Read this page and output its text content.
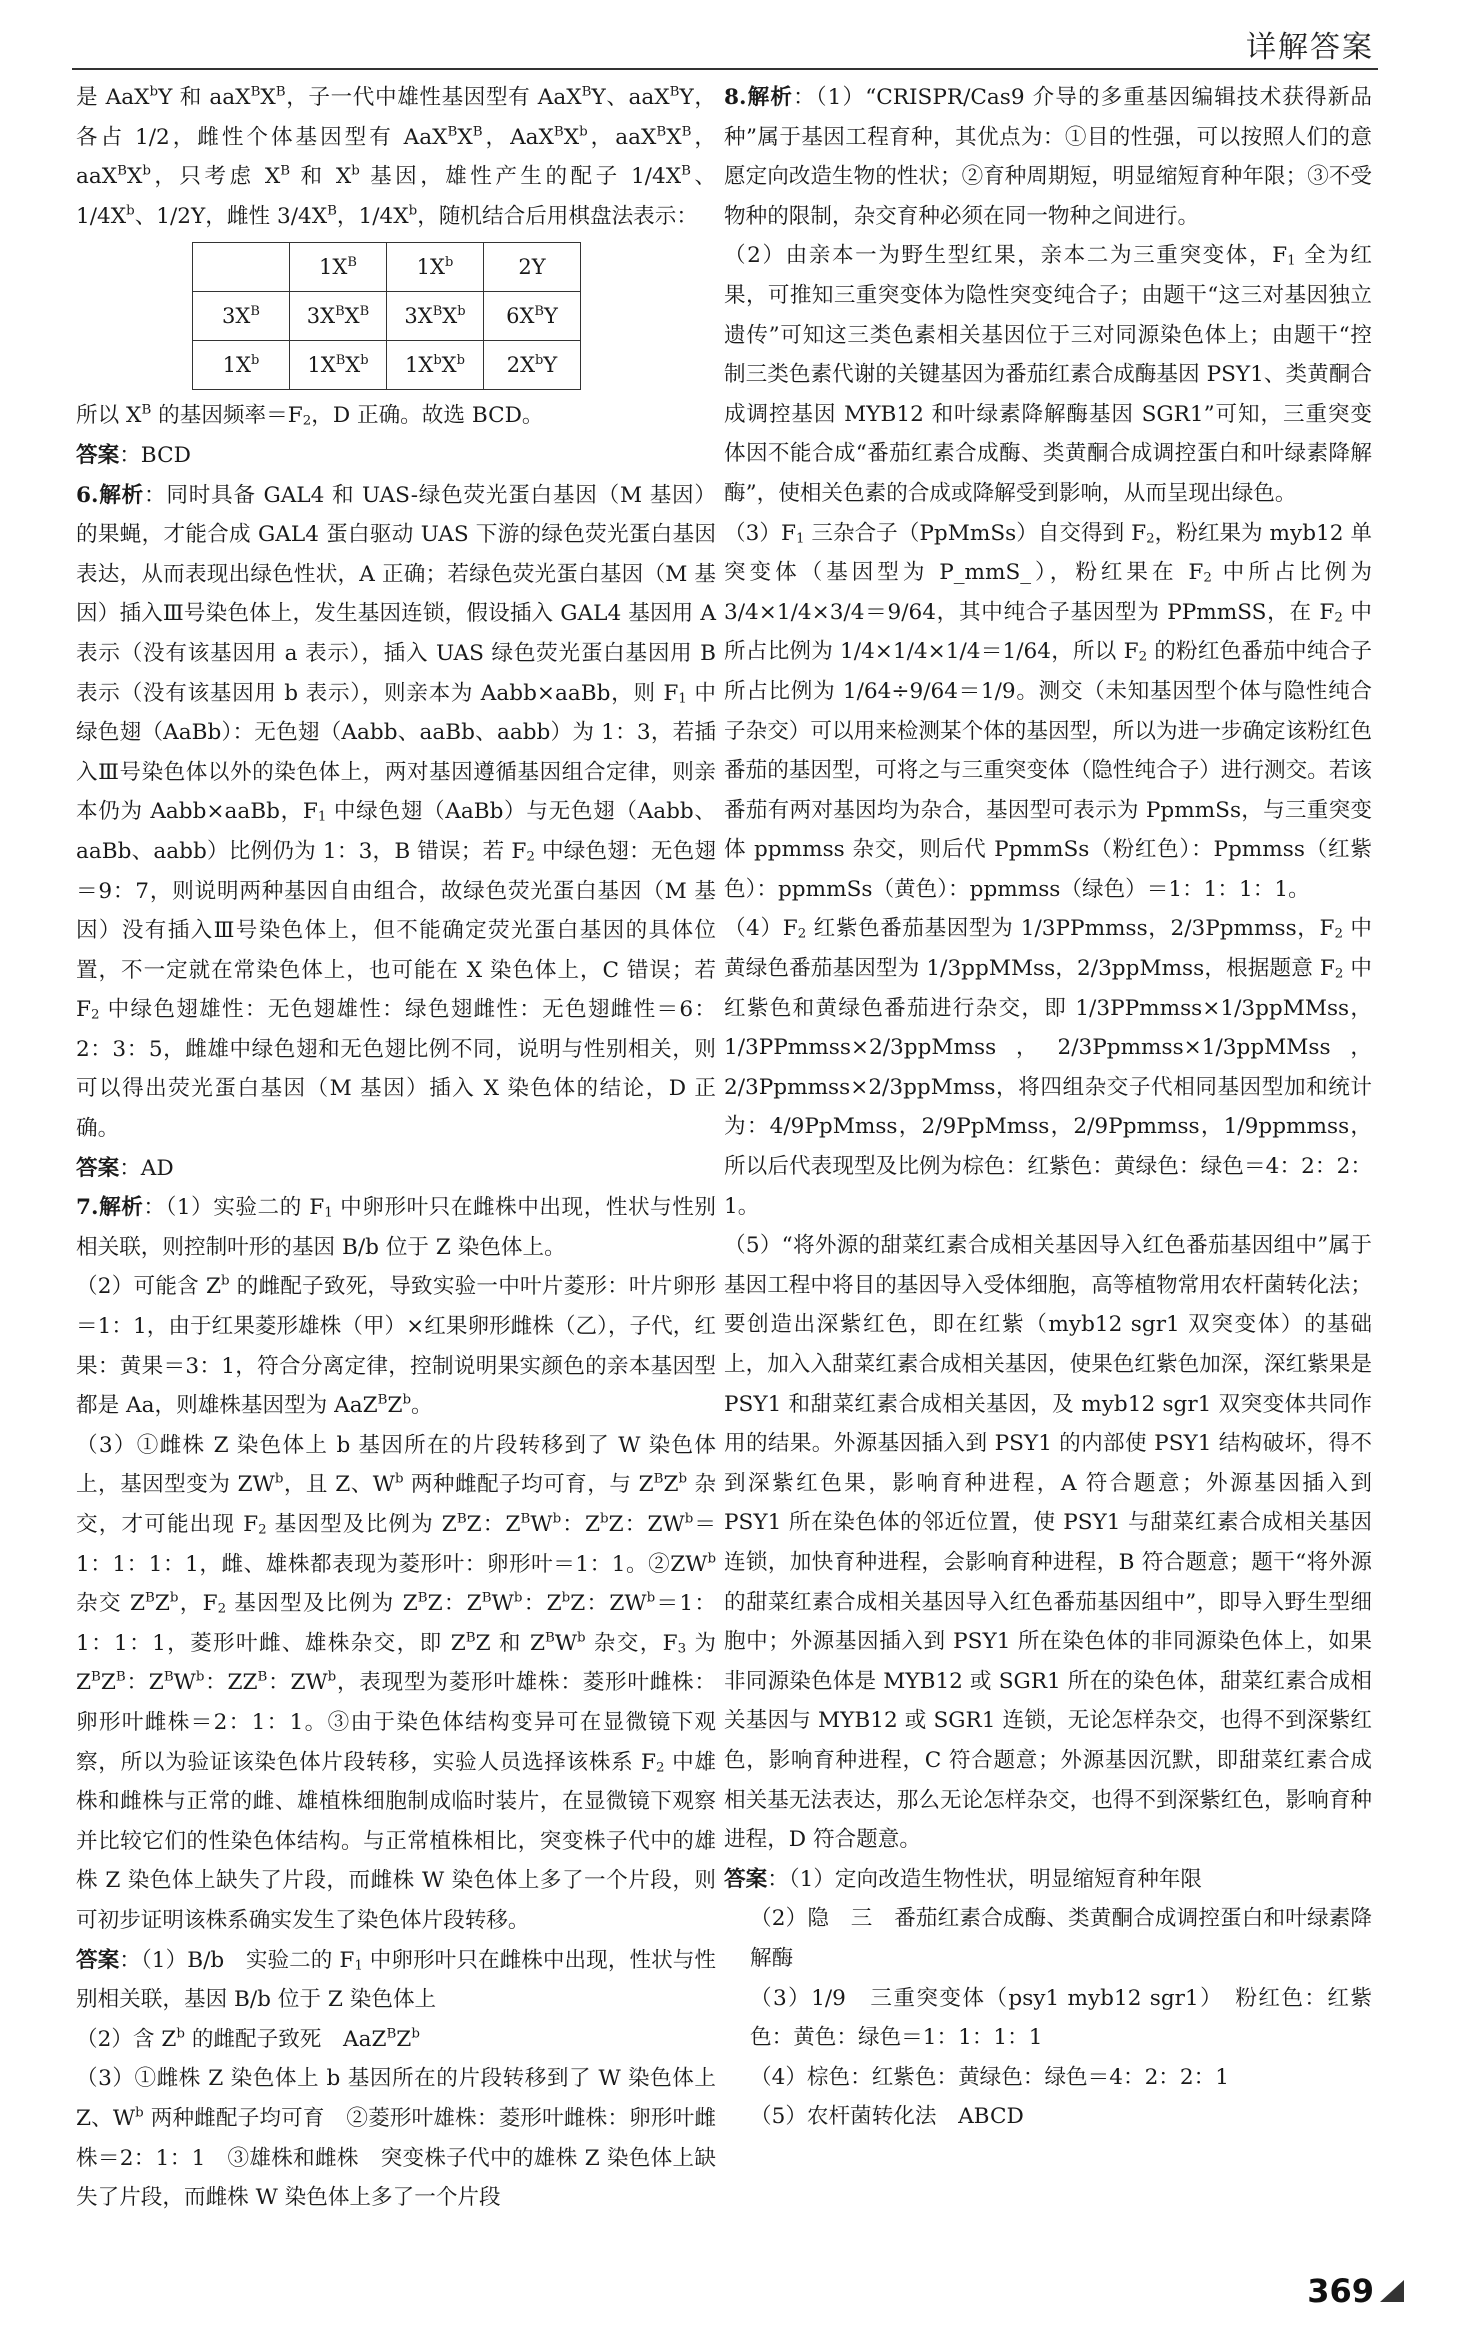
详解答案

是 AaX$^b$Y 和 $aaX^BX^B$，子一代中雄性基因型有 AaX$^B$Y、aaX$^B$Y，各占 1/2，雌性个体基因型有 $AaX^BX^B$，$AaX^BX^b$，$aaX^BX^B$，$aaX^BX^b$，只考虑 $X^B$ 和 $X^b$ 基因，雄性产生的配子 $1/4X^B$、$1/4X^b$、1/2Y，雌性 $3/4X^B$，$1/4X^b$，随机结合后用棋盘法表示：

	$1X^B$	$1X^b$	2Y
$3X^B$	$3X^BX^B$	$3X^BX^b$	$6X^BY$
$1X^b$	$1X^BX^b$	$1X^bX^b$	$2X^bY$

所以 $X^B$ 的基因频率$=F_2$，D 正确。故选 BCD。

答案：BCD

6.解析：同时具备 GAL4 和 UAS-绿色荧光蛋白基因（M 基因）的果蝇，才能合成 GAL4 蛋白驱动 UAS 下游的绿色荧光蛋白基因表达，从而表现出绿色性状，A 正确；若绿色荧光蛋白基因（M 基因）插入Ⅲ号染色体上，发生基因连锁，假设插入 GAL4 基因用 A 表示（没有该基因用 a 表示），插入 UAS 绿色荧光蛋白基因用 B 表示（没有该基因用 b 表示），则亲本为 Aabb×aaBb，则 $F_1$ 中绿色翅（AaBb）：无色翅（Aabb、aaBb、aabb）为 1：3，若插入Ⅲ号染色体以外的染色体上，两对基因遵循基因组合定律，则亲本仍为 Aabb×aaBb，$F_1$ 中绿色翅（AaBb）与无色翅（Aabb、aaBb、aabb）比例仍为 1：3，B 错误；若 $F_2$ 中绿色翅：无色翅＝9：7，则说明两种基因自由组合，故绿色荧光蛋白基因（M 基因）没有插入Ⅲ号染色体上，但不能确定荧光蛋白基因的具体位置，不一定就在常染色体上，也可能在 X 染色体上，C 错误；若 $F_2$ 中绿色翅雄性：无色翅雄性：绿色翅雌性：无色翅雌性＝6：2：3：5，雌雄中绿色翅和无色翅比例不同，说明与性别相关，则可以得出荧光蛋白基因（M 基因）插入 X 染色体的结论，D 正确。

答案：AD

7.解析：（1）实验二的 $F_1$ 中卵形叶只在雌株中出现，性状与性别相关联，则控制叶形的基因 B/b 位于 Z 染色体上。

（2）可能含 $Z^b$ 的雌配子致死，导致实验一中叶片菱形：叶片卵形＝1：1，由于红果菱形雄株（甲）×红果卵形雌株（乙），子代，红果：黄果＝3：1，符合分离定律，控制说明果实颜色的亲本基因型都是 Aa，则雄株基因型为 $AaZ^BZ^b$。

（3）①雌株 Z 染色体上 b 基因所在的片段转移到了 W 染色体上，基因型变为 $ZW^b$，且 Z、$W^b$ 两种雌配子均可育，与 $Z^BZ^b$ 杂交，才可能出现 $F_2$ 基因型及比例为 $Z^BZ$：$Z^BW^b$：$Z^bZ$：$ZW^b=1$：1：1：1，雌、雄株都表现为菱形叶：卵形叶＝1：1。$②ZW^b$ 杂交 $Z^BZ^b$，$F_2$ 基因型及比例为 $Z^BZ$：$Z^BW^b$：$Z^bZ$：$ZW^b=1$：1：1：1，菱形叶雌、雄株杂交，即 $Z^BZ$ 和 $Z^BW^b$ 杂交，$F_3$ 为 $Z^BZ^B$：$Z^BW^b$：$ZZ^B$：$ZW^b$，表现型为菱形叶雄株：菱形叶雌株：卵形叶雌株＝2：1：1。③由于染色体结构变异可在显微镜下观察，所以为验证该染色体片段转移，实验人员选择该株系 $F_2$ 中雄株和雌株与正常的雌、雄植株细胞制成临时装片，在显微镜下观察并比较它们的性染色体结构。与正常植株相比，突变株子代中的雄株 Z 染色体上缺失了片段，而雌株 W 染色体上多了一个片段，则可初步证明该株系确实发生了染色体片段转移。

答案：（1）B/b　实验二的 $F_1$ 中卵形叶只在雌株中出现，性状与性别相关联，基因 B/b 位于 Z 染色体上

（2）含 $Z^b$ 的雌配子致死　$AaZ^BZ^b$

（3）①雌株 Z 染色体上 b 基因所在的片段转移到了 W 染色体上　Z、$W^b$ 两种雌配子均可育　②菱形叶雄株：菱形叶雌株：卵形叶雌株＝2：1：1　③雄株和雌株　突变株子代中的雄株 Z 染色体上缺失了片段，而雌株 W 染色体上多了一个片段

8.解析：（1）“CRISPR/Cas9 介导的多重基因编辑技术获得新品种”属于基因工程育种，其优点为：①目的性强，可以按照人们的意愿定向改造生物的性状；②育种周期短，明显缩短育种年限；③不受物种的限制，杂交育种必须在同一物种之间进行。

（2）由亲本一为野生型红果，亲本二为三重突变体，$F_1$ 全为红果，可推知三重突变体为隐性突变纯合子；由题干“这三对基因独立遗传”可知这三类色素相关基因位于三对同源染色体上；由题干“控制三类色素代谢的关键基因为番茄红素合成酶基因 PSY1、类黄酮合成调控基因 MYB12 和叶绿素降解酶基因 SGR1”可知，三重突变体因不能合成“番茄红素合成酶、类黄酮合成调控蛋白和叶绿素降解酶”，使相关色素的合成或降解受到影响，从而呈现出绿色。

$(3)F_1$ 三杂合子（PpMmSs）自交得到 $F_2$，粉红果为 myb12 单突变体（基因型为 P_mmS_），粉红果在 $F_2$ 中所占比例为 3/4×1/4×3/4＝9/64，其中纯合子基因型为 PPmmSS，在 $F_2$ 中所占比例为 1/4×1/4×1/4＝1/64，所以 $F_2$ 的粉红色番茄中纯合子所占比例为 1/64÷9/64＝1/9。测交（未知基因型个体与隐性纯合子杂交）可以用来检测某个体的基因型，所以为进一步确定该粉红色番茄的基因型，可将之与三重突变体（隐性纯合子）进行测交。若该番茄有两对基因均为杂合，基因型可表示为 PpmmSs，与三重突变体 ppmmss 杂交，则后代 PpmmSs（粉红色）：Ppmmss（红紫色）：ppmmSs（黄色）：ppmmss（绿色）＝1：1：1：1。

$(4)F_2$ 红紫色番茄基因型为 1/3PPmmss，2/3Ppmmss，$F_2$ 中黄绿色番茄基因型为 1/3ppMMss，2/3ppMmss，根据题意 $F_2$ 中红紫色和黄绿色番茄进行杂交，即 1/3PPmmss×1/3ppMMss，1/3PPmmss×2/3ppMmss，2/3Ppmmss×1/3ppMMss，2/3Ppmmss×2/3ppMmss，将四组杂交子代相同基因型加和统计为：4/9PpMmss，2/9PpMmss，2/9Ppmmss，1/9ppmmss，所以后代表现型及比例为棕色：红紫色：黄绿色：绿色＝4：2：2：1。

（5）“将外源的甜菜红素合成相关基因导入红色番茄基因组中”属于基因工程中将目的基因导入受体细胞，高等植物常用农杆菌转化法；要创造出深紫红色，即在红紫（myb12 sgr1 双突变体）的基础上，加入入甜菜红素合成相关基因，使果色红紫色加深，深红紫果是 PSY1 和甜菜红素合成相关基因，及 myb12 sgr1 双突变体共同作用的结果。外源基因插入到 PSY1 的内部使 PSY1 结构破坏，得不到深紫红色果，影响育种进程，A 符合题意；外源基因插入到 PSY1 所在染色体的邻近位置，使 PSY1 与甜菜红素合成相关基因连锁，加快育种进程，会影响育种进程，B 符合题意；题干“将外源的甜菜红素合成相关基因导入红色番茄基因组中”，即导入野生型细胞中；外源基因插入到 PSY1 所在染色体的非同源染色体上，如果非同源染色体是 MYB12 或 SGR1 所在的染色体，甜菜红素合成相关基因与 MYB12 或 SGR1 连锁，无论怎样杂交，也得不到深紫红色，影响育种进程，C 符合题意；外源基因沉默，即甜菜红素合成相关基无法表达，那么无论怎样杂交，也得不到深紫红色，影响育种进程，D 符合题意。

答案：（1）定向改造生物性状，明显缩短育种年限

（2）隐　三　番茄红素合成酶、类黄酮合成调控蛋白和叶绿素降解酶

（3）1/9　三重突变体（psy1 myb12 sgr1）　粉红色：红紫色：黄色：绿色＝1：1：1：1

（4）棕色：红紫色：黄绿色：绿色＝4：2：2：1

（5）农杆菌转化法　ABCD

369
